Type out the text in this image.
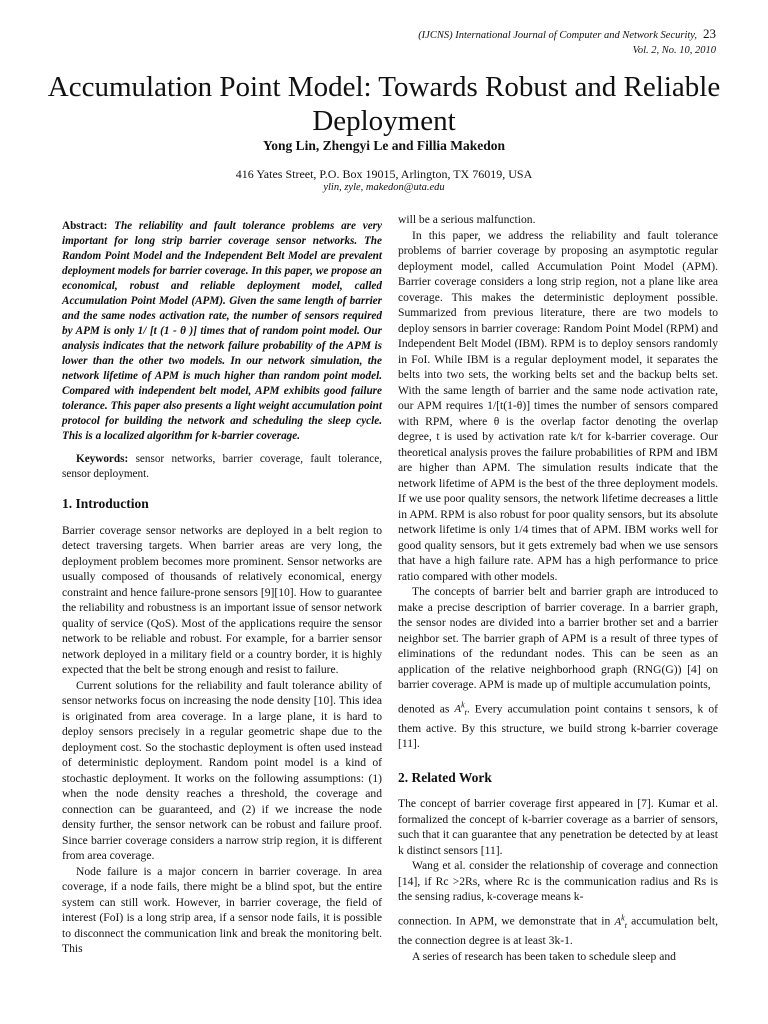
(IJCNS) International Journal of Computer and Network Security, 23
Vol. 2, No. 10, 2010
Accumulation Point Model: Towards Robust and Reliable Deployment
Yong Lin, Zhengyi Le and Fillia Makedon
416 Yates Street, P.O. Box 19015, Arlington, TX 76019, USA
ylin, zyle, makedon@uta.edu

Abstract: The reliability and fault tolerance problems are very important for long strip barrier coverage sensor networks. The Random Point Model and the Independent Belt Model are prevalent deployment models for barrier coverage. In this paper, we propose an economical, robust and reliable deployment model, called Accumulation Point Model (APM). Given the same length of barrier and the same nodes activation rate, the number of sensors required by APM is only 1/ [t (1 - θ )] times that of random point model. Our analysis indicates that the network failure probability of the APM is lower than the other two models. In our network simulation, the network lifetime of APM is much higher than random point model. Compared with independent belt model, APM exhibits good failure tolerance. This paper also presents a light weight accumulation point protocol for building the network and scheduling the sleep cycle. This is a localized algorithm for k-barrier coverage.

Keywords: sensor networks, barrier coverage, fault tolerance, sensor deployment.

1. Introduction

Barrier coverage sensor networks are deployed in a belt region to detect traversing targets. When barrier areas are very long, the deployment problem becomes more prominent. Sensor networks are usually composed of thousands of relatively economical, energy constraint and hence failure-prone sensors [9][10]. How to guarantee the reliability and robustness is an important issue of sensor network quality of service (QoS). Most of the applications require the sensor network to be reliable and robust. For example, for a barrier sensor network deployed in a military field or a country border, it is highly expected that the belt be strong enough and resist to failure.

Current solutions for the reliability and fault tolerance ability of sensor networks focus on increasing the node density [10]. This idea is originated from area coverage. In a large plane, it is hard to deploy sensors precisely in a regular geometric shape due to the deployment cost. So the stochastic deployment is often used instead of deterministic deployment. Random point model is a kind of stochastic deployment. It works on the following assumptions: (1) when the node density reaches a threshold, the coverage and connection can be guaranteed, and (2) if we increase the node density further, the sensor network can be robust and failure proof. Since barrier coverage considers a narrow strip region, it is different from area coverage.

Node failure is a major concern in barrier coverage. In area coverage, if a node fails, there might be a blind spot, but the entire system can still work. However, in barrier coverage, the field of interest (FoI) is a long strip area, if a sensor node fails, it is possible to disconnect the communication link and break the monitoring belt. This

will be a serious malfunction.

In this paper, we address the reliability and fault tolerance problems of barrier coverage by proposing an asymptotic regular deployment model, called Accumulation Point Model (APM). Barrier coverage considers a long strip region, not a plane like area coverage. This makes the deterministic deployment possible. Summarized from previous literature, there are two models to deploy sensors in barrier coverage: Random Point Model (RPM) and Independent Belt Model (IBM). RPM is to deploy sensors randomly in FoI. While IBM is a regular deployment model, it separates the belts into two sets, the working belts set and the backup belts set. With the same length of barrier and the same node activation rate, our APM requires 1/[t(1-θ)] times the number of sensors compared with RPM, where θ is the overlap factor denoting the overlap degree, t is used by activation rate k/t for k-barrier coverage. Our theoretical analysis proves the failure probabilities of RPM and IBM are higher than APM. The simulation results indicate that the network lifetime of APM is the best of the three deployment models. If we use poor quality sensors, the network lifetime decreases a little in APM. RPM is also robust for poor quality sensors, but its absolute network lifetime is only 1/4 times that of APM. IBM works well for good quality sensors, but it gets extremely bad when we use sensors that have a high failure rate. APM has a high performance to price ratio compared with other models.

The concepts of barrier belt and barrier graph are introduced to make a precise description of barrier coverage. In a barrier graph, the sensor nodes are divided into a barrier brother set and a barrier neighbor set. The barrier graph of APM is a result of three types of eliminations of the redundant nodes. This can be seen as an application of the relative neighborhood graph (RNG(G)) [4] on barrier coverage. APM is made up of multiple accumulation points,

denoted as $A^k_t$. Every accumulation point contains t sensors, k of them active. By this structure, we build strong k-barrier coverage [11].

2. Related Work

The concept of barrier coverage first appeared in [7]. Kumar et al. formalized the concept of k-barrier coverage as a barrier of sensors, such that it can guarantee that any penetration be detected by at least k distinct sensors [11].

Wang et al. consider the relationship of coverage and connection [14], if Rc >2Rs, where Rc is the communication radius and Rs is the sensing radius, k-coverage means k-

connection. In APM, we demonstrate that in $A^k_t$ accumulation belt, the connection degree is at least 3k-1.

A series of research has been taken to schedule sleep and
